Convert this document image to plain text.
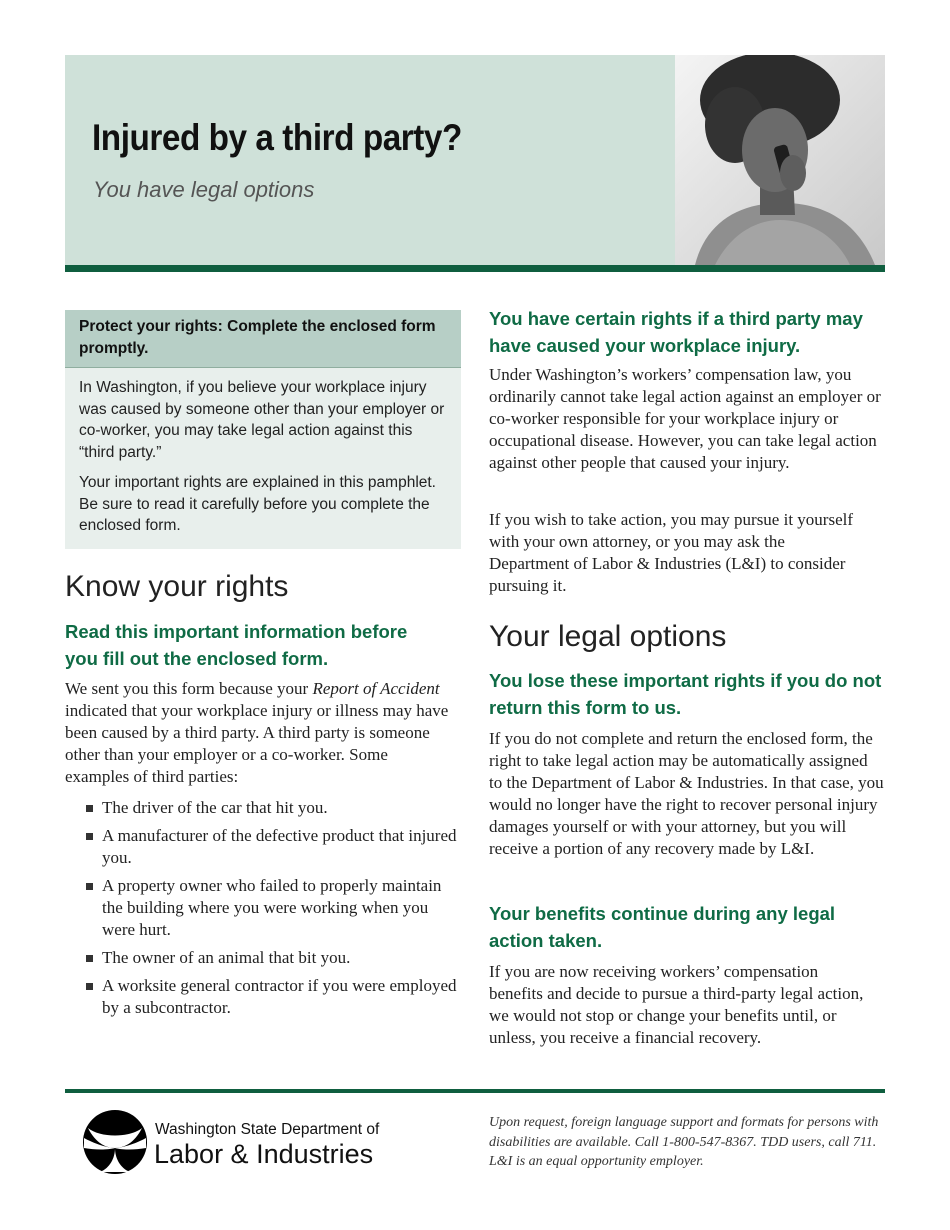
Injured by a third party?

You have legal options

Protect your rights: Complete the enclosed form promptly.

In Washington, if you believe your workplace injury was caused by someone other than your employer or co-worker, you may take legal action against this “third party.”

Your important rights are explained in this pamphlet. Be sure to read it carefully before you complete the enclosed form.

Know your rights
Read this important information before you fill out the enclosed form.

We sent you this form because your Report of Accident indicated that your workplace injury or illness may have been caused by a third party. A third party is someone other than your employer or a co-worker. Some examples of third parties:

The driver of the car that hit you.
A manufacturer of the defective product that injured you.
A property owner who failed to properly maintain the building where you were working when you were hurt.
The owner of an animal that bit you.
A worksite general contractor if you were employed by a subcontractor.
You have certain rights if a third party may have caused your workplace injury.

Under Washington’s workers’ compensation law, you ordinarily cannot take legal action against an employer or co-worker responsible for your workplace injury or occupational disease. However, you can take legal action against other people that caused your injury.

If you wish to take action, you may pursue it yourself with your own attorney, or you may ask the Department of Labor & Industries (L&I) to consider pursuing it.

Your legal options
You lose these important rights if you do not return this form to us.

If you do not complete and return the enclosed form, the right to take legal action may be automatically assigned to the Department of Labor & Industries. In that case, you would no longer have the right to recover personal injury damages yourself or with your attorney, but you will receive a portion of any recovery made by L&I.

Your benefits continue during any legal action taken.

If you are now receiving workers’ compensation benefits and decide to pursue a third-party legal action, we would not stop or change your benefits until, or unless, you receive a financial recovery.

Washington State Department of
Labor & Industries

Upon request, foreign language support and formats for persons with disabilities are available. Call 1-800-547-8367. TDD users, call 711. L&I is an equal opportunity employer.
